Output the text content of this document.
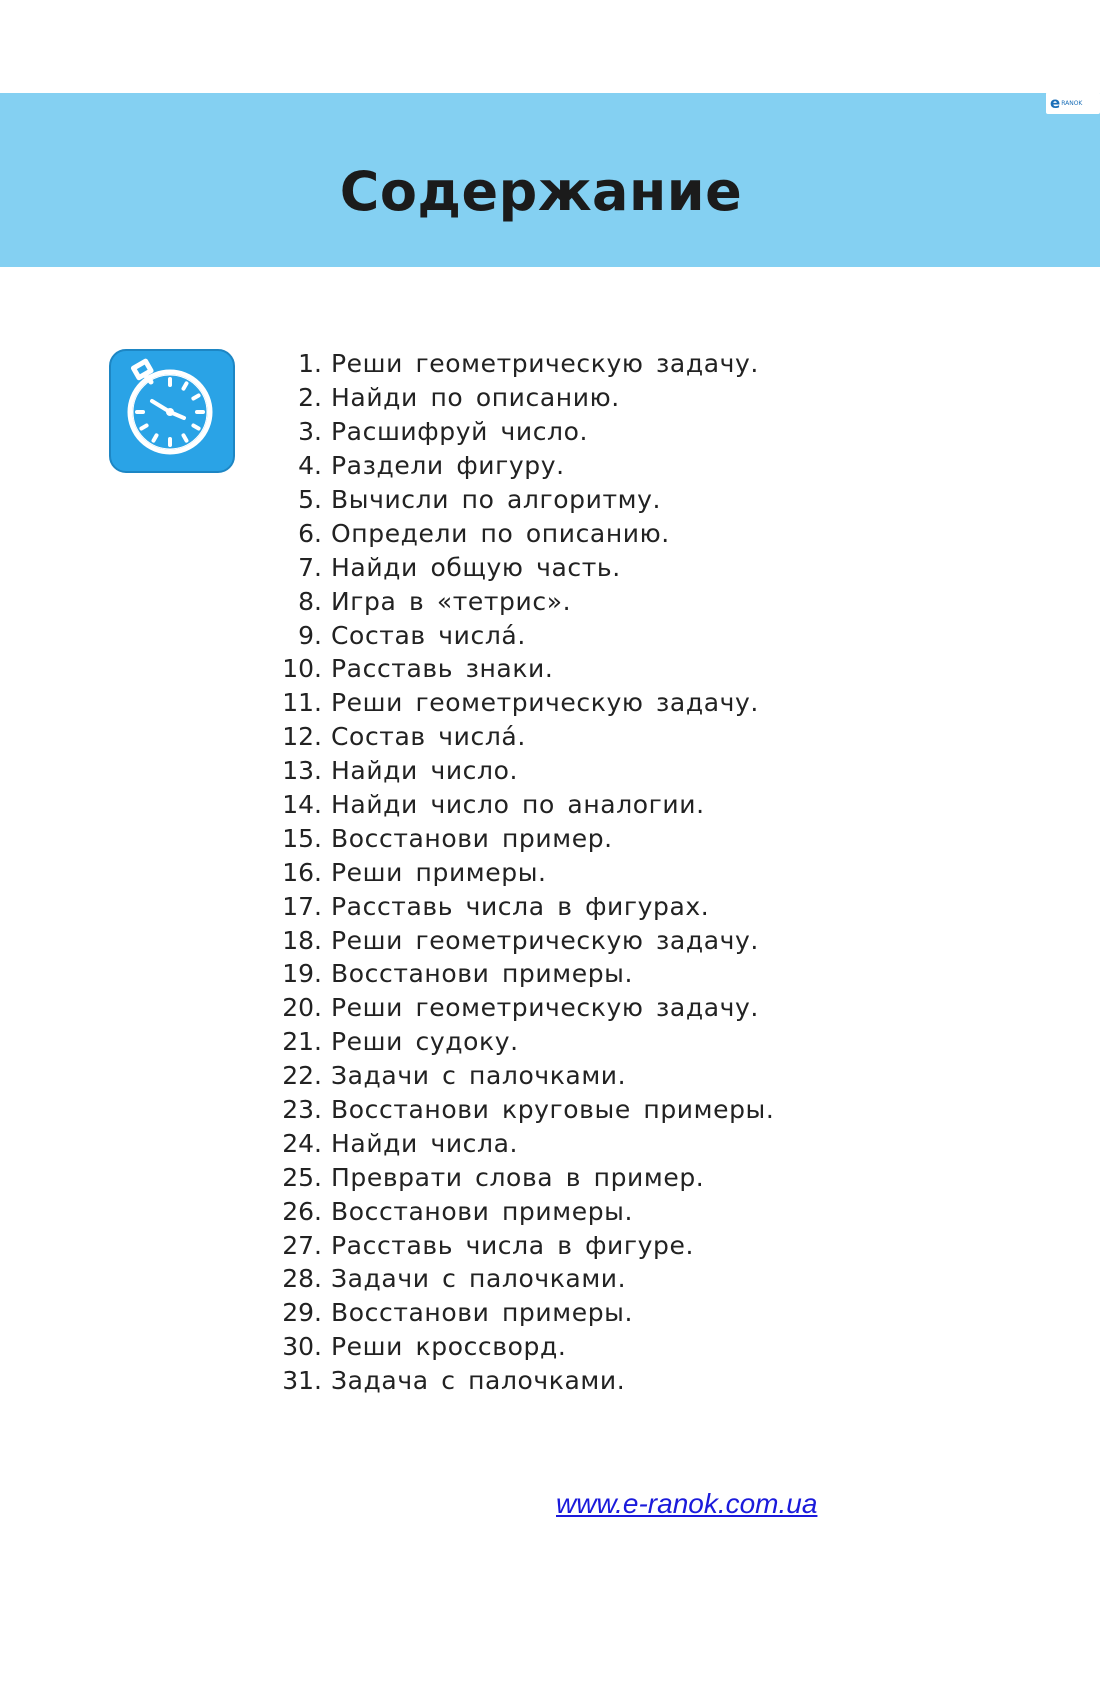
e RANOK
Содержание
1. Реши геометрическую задачу.
2. Найди по описанию.
3. Расшифруй число.
4. Раздели фигуру.
5. Вычисли по алгоритму.
6. Определи по описанию.
7. Найди общую часть.
8. Игра в «тетрис».
9. Состав числá.
10. Расставь знаки.
11. Реши геометрическую задачу.
12. Состав числá.
13. Найди число.
14. Найди число по аналогии.
15. Восстанови пример.
16. Реши примеры.
17. Расставь числа в фигурах.
18. Реши геометрическую задачу.
19. Восстанови примеры.
20. Реши геометрическую задачу.
21. Реши судоку.
22. Задачи с палочками.
23. Восстанови круговые примеры.
24. Найди числа.
25. Преврати слова в пример.
26. Восстанови примеры.
27. Расставь числа в фигуре.
28. Задачи с палочками.
29. Восстанови примеры.
30. Реши кроссворд.
31. Задача с палочками.
www.e-ranok.com.ua
